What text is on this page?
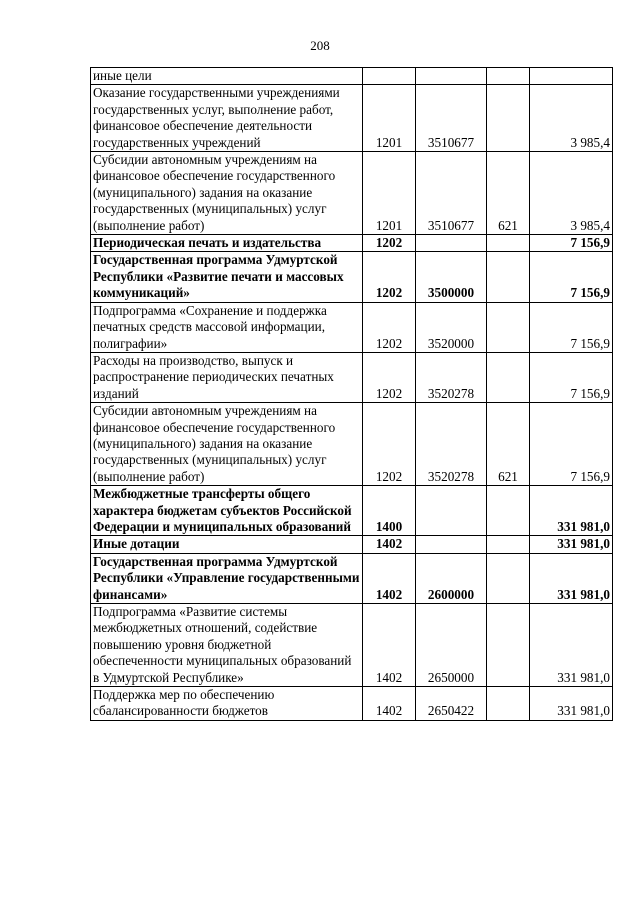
208
иные цели				
Оказание государственными учреждениями государственных услуг, выполнение работ, финансовое обеспечение деятельности государственных учреждений	1201	3510677		3 985,4
Субсидии автономным учреждениям на финансовое обеспечение государственного (муниципального) задания на оказание государственных (муниципальных) услуг (выполнение работ)	1201	3510677	621	3 985,4
Периодическая печать и издательства	1202			7 156,9
Государственная программа Удмуртской Республики «Развитие печати и массовых коммуникаций»	1202	3500000		7 156,9
Подпрограмма «Сохранение и поддержка печатных средств массовой информации, полиграфии»	1202	3520000		7 156,9
Расходы на производство, выпуск и распространение периодических печатных изданий	1202	3520278		7 156,9
Субсидии автономным учреждениям на финансовое обеспечение государственного (муниципального) задания на оказание государственных (муниципальных) услуг (выполнение работ)	1202	3520278	621	7 156,9
Межбюджетные трансферты общего характера бюджетам субъектов Российской Федерации и муниципальных образований	1400			331 981,0
Иные дотации	1402			331 981,0
Государственная программа Удмуртской Республики «Управление государственными финансами»	1402	2600000		331 981,0
Подпрограмма «Развитие системы межбюджетных отношений, содействие повышению уровня бюджетной обеспеченности муниципальных образований в Удмуртской Республике»	1402	2650000		331 981,0
Поддержка мер по обеспечению сбалансированности бюджетов	1402	2650422		331 981,0
